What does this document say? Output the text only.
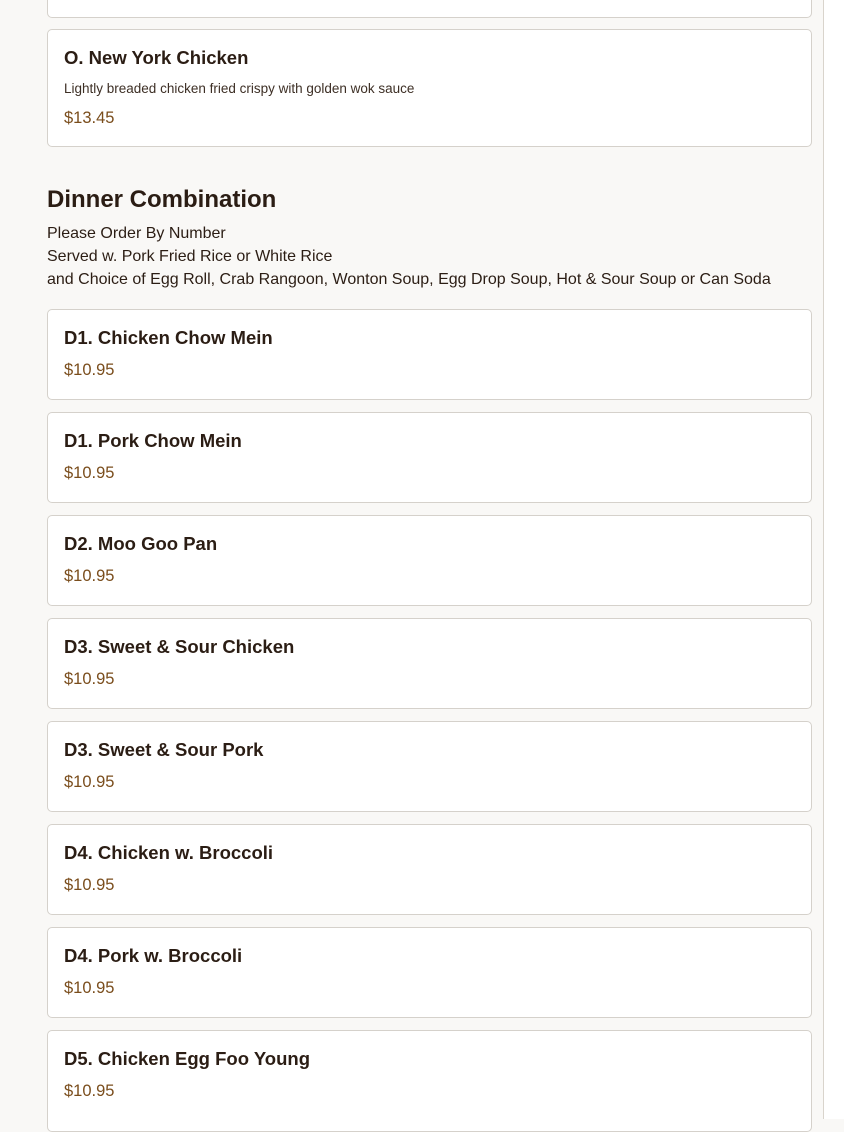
O. New York Chicken
Lightly breaded chicken fried crispy with golden wok sauce
$13.45
Dinner Combination
Please Order By Number
Served w. Pork Fried Rice or White Rice
and Choice of Egg Roll, Crab Rangoon, Wonton Soup, Egg Drop Soup, Hot & Sour Soup or Can Soda
D1. Chicken Chow Mein
$10.95
D1. Pork Chow Mein
$10.95
D2. Moo Goo Pan
$10.95
D3. Sweet & Sour Chicken
$10.95
D3. Sweet & Sour Pork
$10.95
D4. Chicken w. Broccoli
$10.95
D4. Pork w. Broccoli
$10.95
D5. Chicken Egg Foo Young
$10.95
